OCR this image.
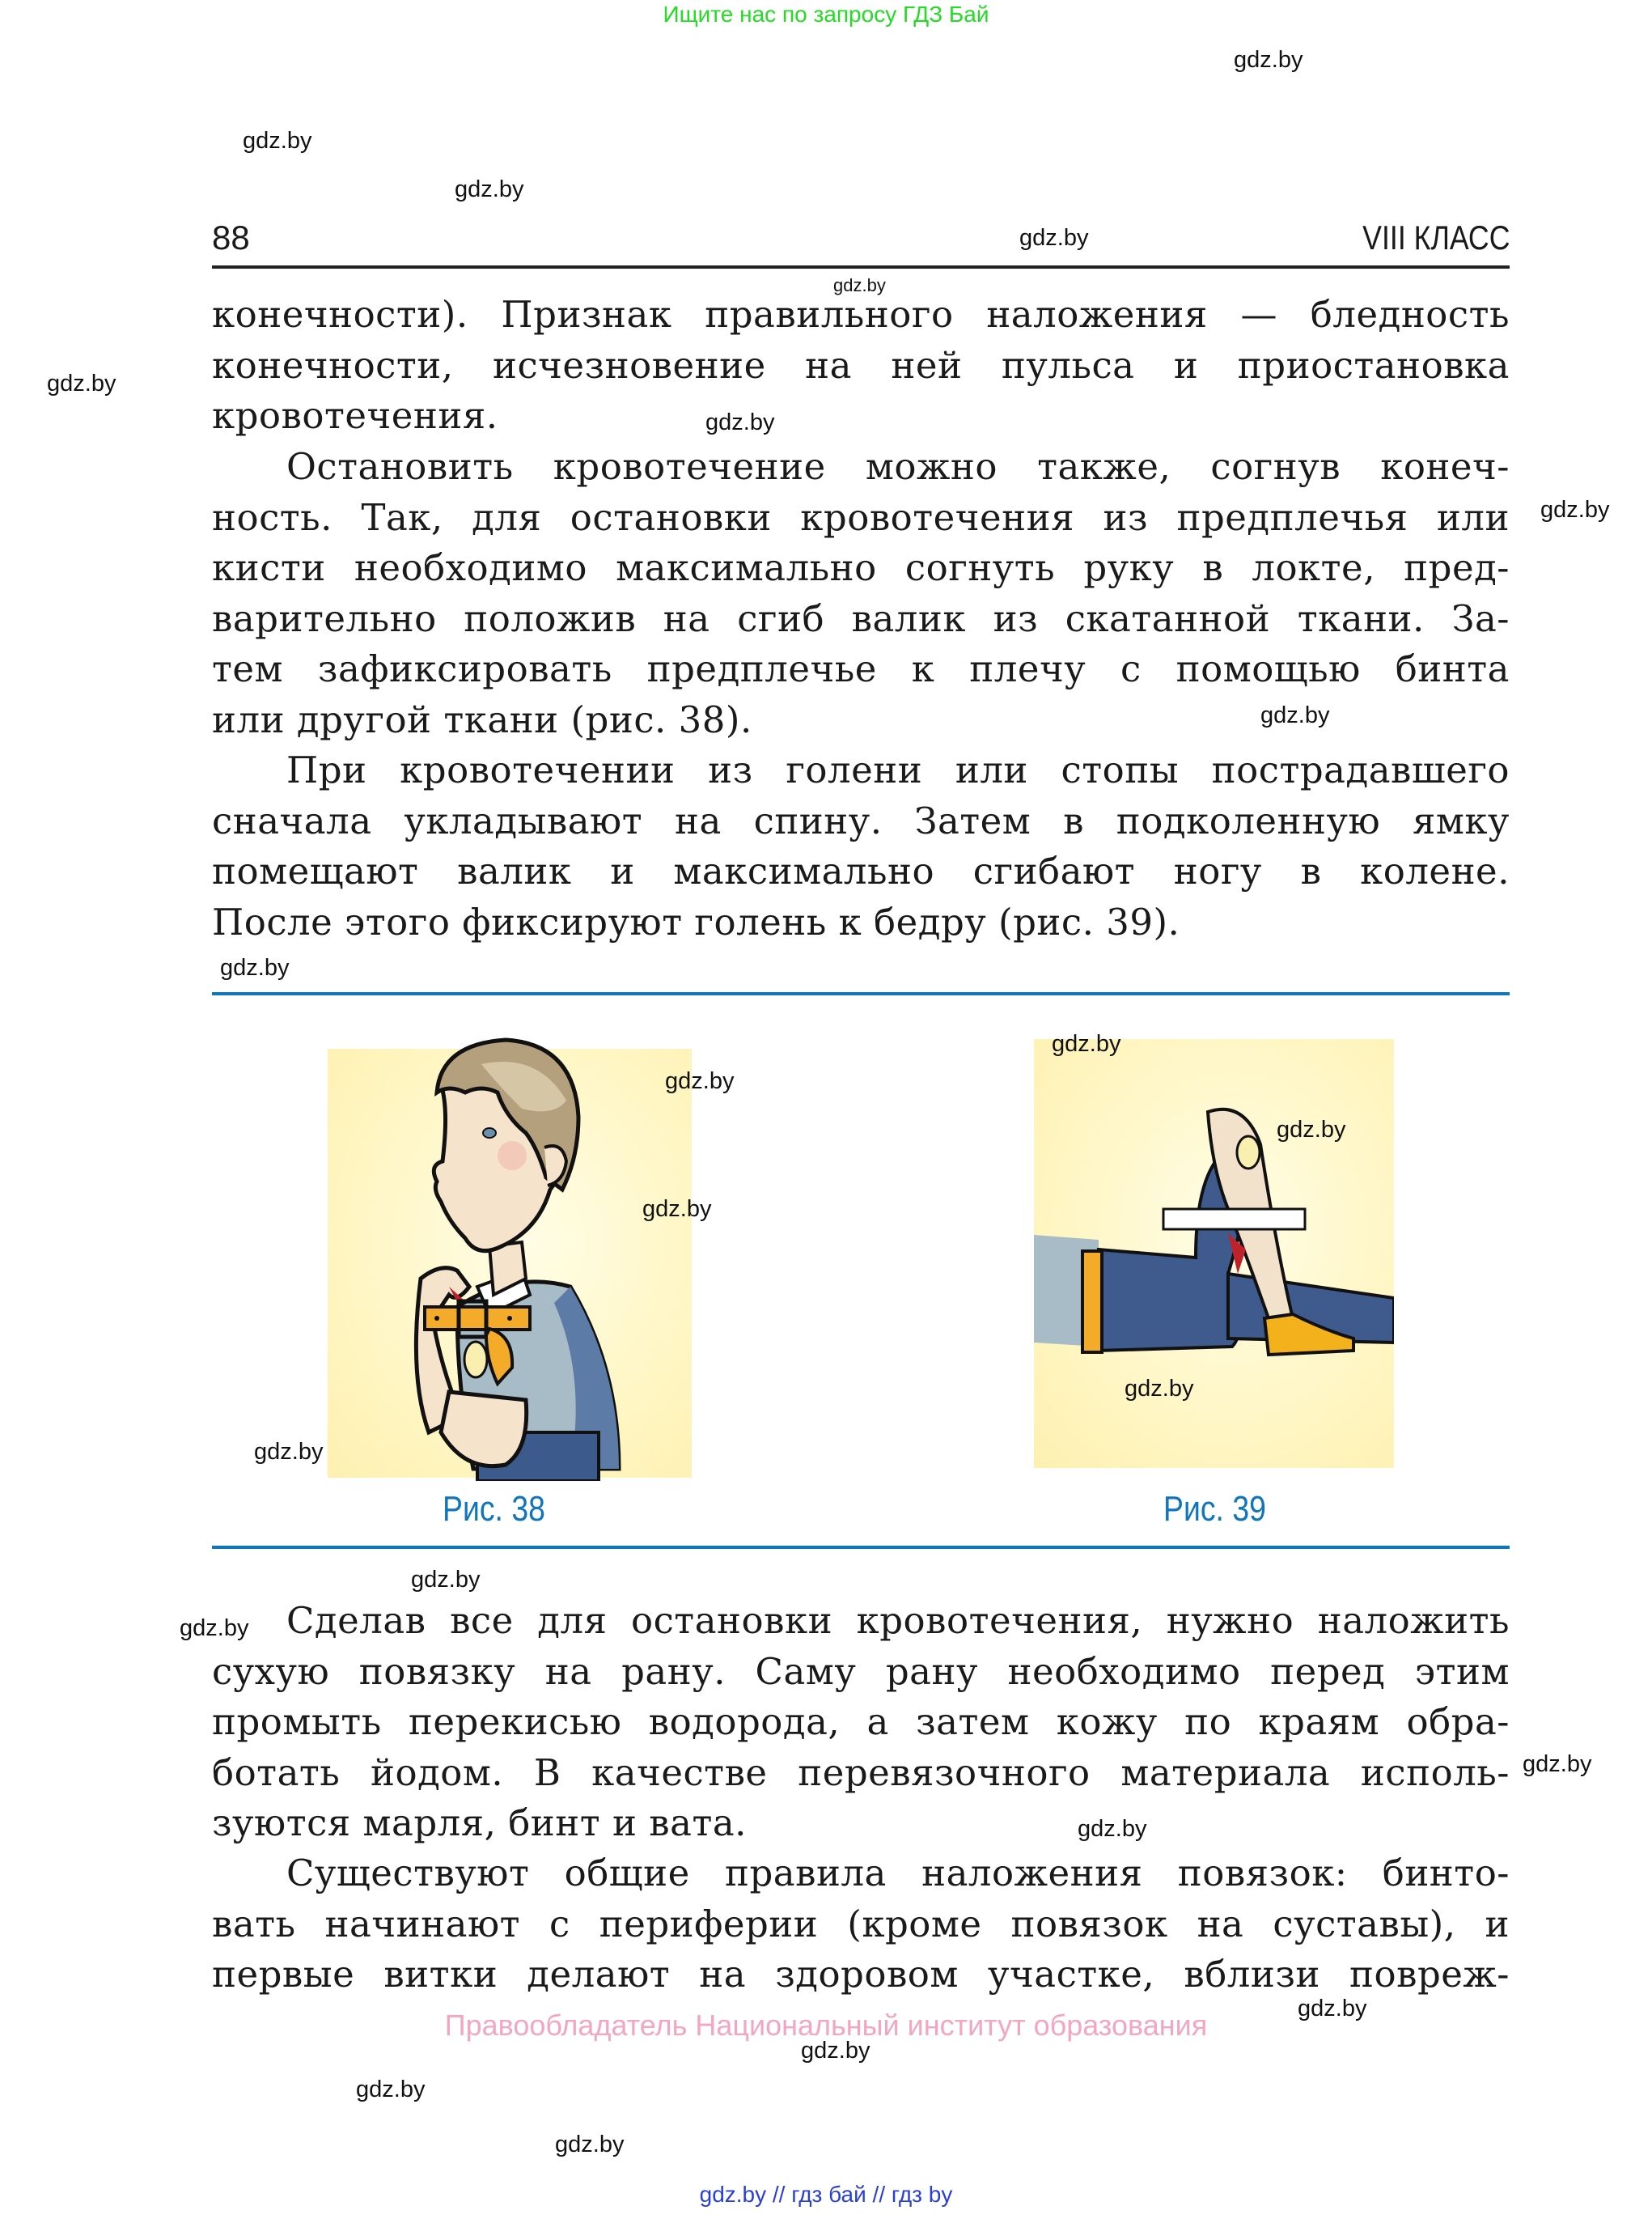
Ищите нас по запросу ГДЗ Бай
88	VIII КЛАСС
конечности). Признак правильного наложения — бледность
конечности, исчезновение на ней пульса и приостановка
кровотечения.
Остановить кровотечение можно также, согнув конеч-
ность. Так, для остановки кровотечения из предплечья или
кисти необходимо максимально согнуть руку в локте, пред-
варительно положив на сгиб валик из скатанной ткани. За-
тем зафиксировать предплечье к плечу с помощью бинта
или другой ткани (рис. 38).
При кровотечении из голени или стопы пострадавшего
сначала укладывают на спину. Затем в подколенную ямку
помещают валик и максимально сгибают ногу в колене.
После этого фиксируют голень к бедру (рис. 39).
Рис. 38	Рис. 39
Сделав все для остановки кровотечения, нужно наложить
сухую повязку на рану. Саму рану необходимо перед этим
промыть перекисью водорода, а затем кожу по краям обра-
ботать йодом. В качестве перевязочного материала исполь-
зуются марля, бинт и вата.
Существуют общие правила наложения повязок: бинто-
вать начинают с периферии (кроме повязок на суставы), и
первые витки делают на здоровом участке, вблизи повреж-
Правообладатель Национальный институт образования
gdz.by
gdz.by
gdz.by
gdz.by
gdz.by
gdz.by
gdz.by
gdz.by
gdz.by
gdz.by
gdz.by
gdz.by
gdz.by
gdz.by
gdz.by
gdz.by
gdz.by
gdz.by
gdz.by
gdz.by
gdz.by
gdz.by
gdz.by
gdz.by
gdz.by // гдз бай // гдз by
